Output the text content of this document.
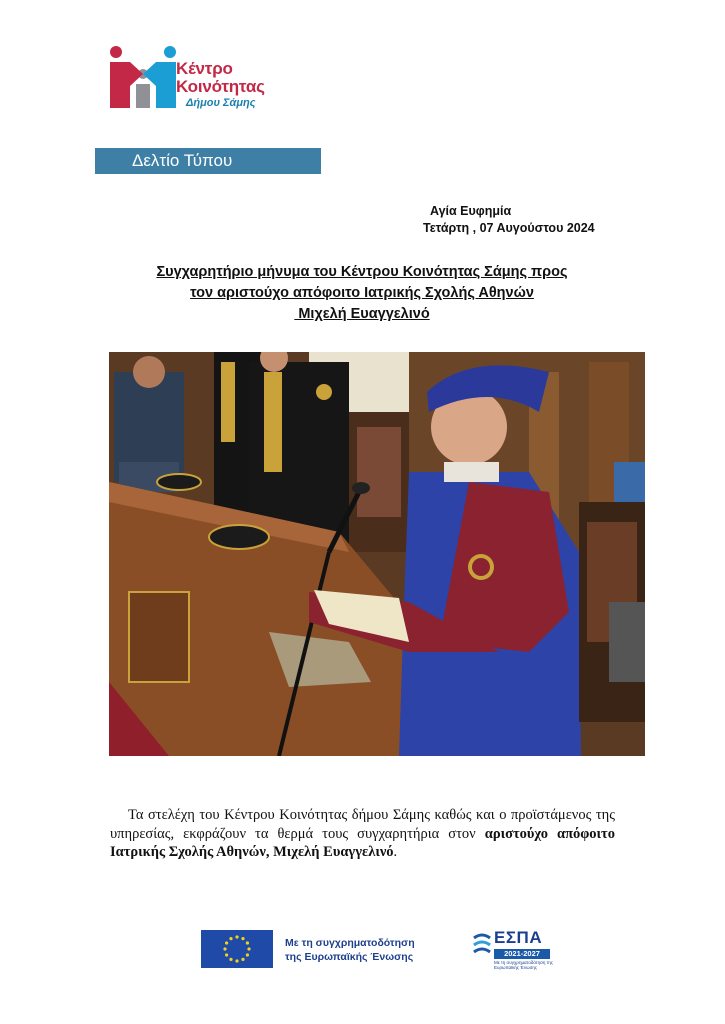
Κέντρο
Κοινότητας
Δήμου Σάμης
Δελτίο Τύπου
Αγία Ευφημία
Τετάρτη , 07 Αυγούστου 2024
Συγχαρητήριο μήνυμα του Κέντρου Κοινότητας Σάμης προς
τον αριστούχο απόφοιτο Ιατρικής Σχολής Αθηνών
Μιχελή Ευαγγελινό
Τα στελέχη του Κέντρου Κοινότητας δήμου Σάμης καθώς και ο προϊστάμενος της υπηρεσίας, εκφράζουν τα θερμά τους συγχαρητήρια στον αριστούχο απόφοιτο Ιατρικής Σχολής Αθηνών, Μιχελή Ευαγγελινό.
Με τη συγχρηματοδότηση
της Ευρωπαϊκής Ένωσης
ΕΣΠΑ
2021-2027
Με τη συγχρηματοδότηση της Ευρωπαϊκής Ένωσης
